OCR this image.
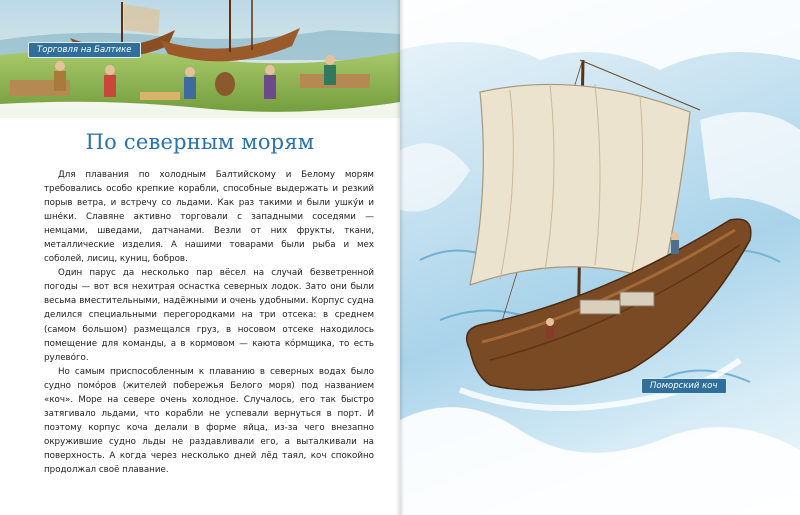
Торговля на Балтике
По северным морям

Для плавания по холодным Балтийскому и Белому морям требовались особо крепкие корабли, способные выдержать и резкий порыв ветра, и встречу со льдами. Как раз такими и были ушкýи и шнéки. Славяне активно торговали с западными соседями — немцами, шведами, датчанами. Везли от них фрукты, ткани, металлические изделия. А нашими товарами были рыба и мех соболей, лисиц, куниц, бобров.

Один парус да несколько пар вёсел на случай безветренной погоды — вот вся нехитрая оснастка северных лодок. Зато они были весьма вместительными, надёжными и очень удобными. Корпус судна делился специальными перегородками на три отсека: в среднем (самом большом) размещался груз, в носовом отсеке находилось помещение для команды, а в кормовом — каюта кóрмщика, то есть рулевóго.

Но самым приспособленным к плаванию в северных водах было судно помóров (жителей побережья Белого моря) под названием «коч». Море на севере очень холодное. Случалось, его так быстро затягивало льдами, что корабли не успевали вернуться в порт. И поэтому корпус коча делали в форме яйца, из-за чего внезапно окружившие судно льды не раздавливали его, а выталкивали на поверхность. А когда через несколько дней лёд таял, коч спокойно продолжал своё плавание.

Поморский коч
